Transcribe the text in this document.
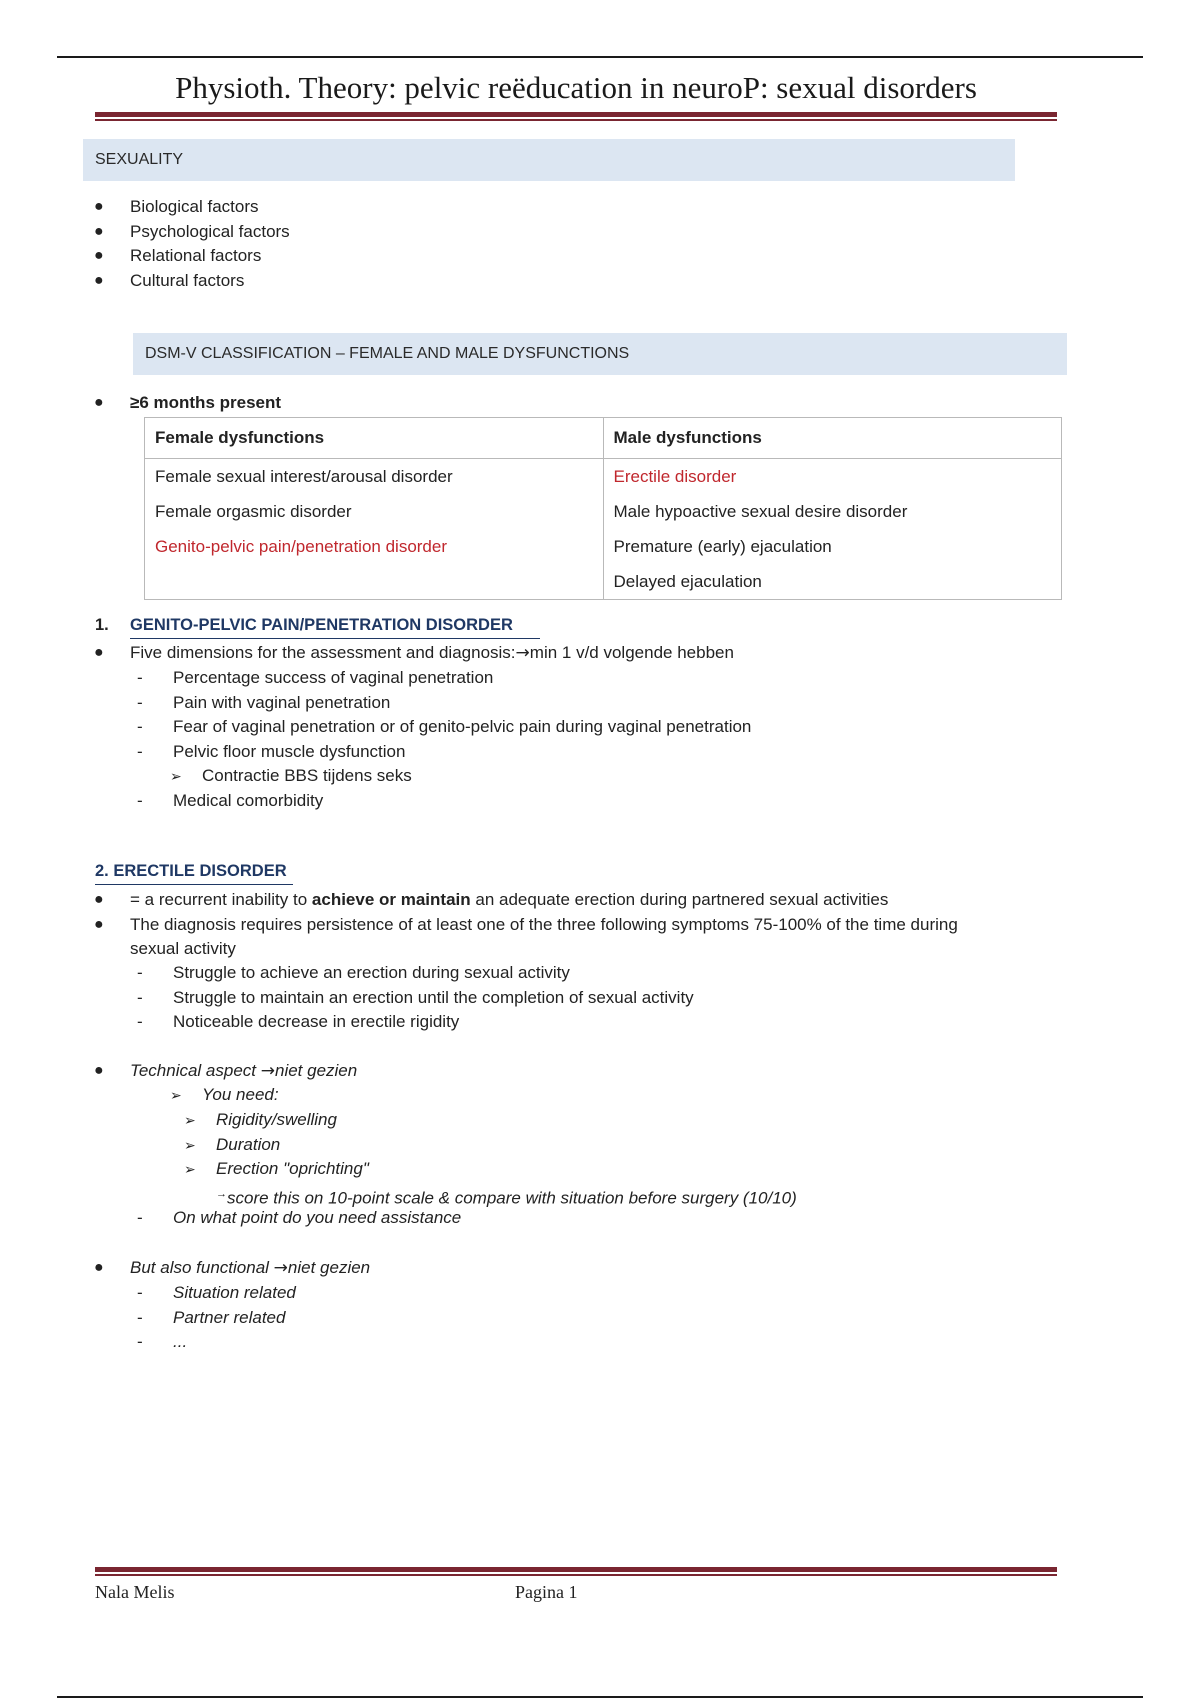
Physioth. Theory: pelvic reëducation in neuroP: sexual disorders
SEXUALITY
● Biological factors
● Psychological factors
● Relational factors
● Cultural factors
DSM-V CLASSIFICATION – FEMALE AND MALE DYSFUNCTIONS
● ≥6 months present
Female dysfunctions	Male dysfunctions
Female sexual interest/arousal disorder	Erectile disorder
Female orgasmic disorder	Male hypoactive sexual desire disorder
Genito-pelvic pain/penetration disorder	Premature (early) ejaculation
	Delayed ejaculation
1. GENITO-PELVIC PAIN/PENETRATION DISORDER
● Five dimensions for the assessment and diagnosis:→min 1 v/d volgende hebben
- Percentage success of vaginal penetration
- Pain with vaginal penetration
- Fear of vaginal penetration or of genito-pelvic pain during vaginal penetration
- Pelvic floor muscle dysfunction
➢ Contractie BBS tijdens seks
- Medical comorbidity
2. ERECTILE DISORDER
● = a recurrent inability to achieve or maintain an adequate erection during partnered sexual activities
● The diagnosis requires persistence of at least one of the three following symptoms 75-100% of the time during
sexual activity
- Struggle to achieve an erection during sexual activity
- Struggle to maintain an erection until the completion of sexual activity
- Noticeable decrease in erectile rigidity
● Technical aspect →niet gezien
➢ You need:
➢ Rigidity/swelling
➢ Duration
➢ Erection "oprichting"
→score this on 10-point scale & compare with situation before surgery (10/10)
- On what point do you need assistance
● But also functional →niet gezien
- Situation related
- Partner related
- ...
Nala Melis	Pagina 1
